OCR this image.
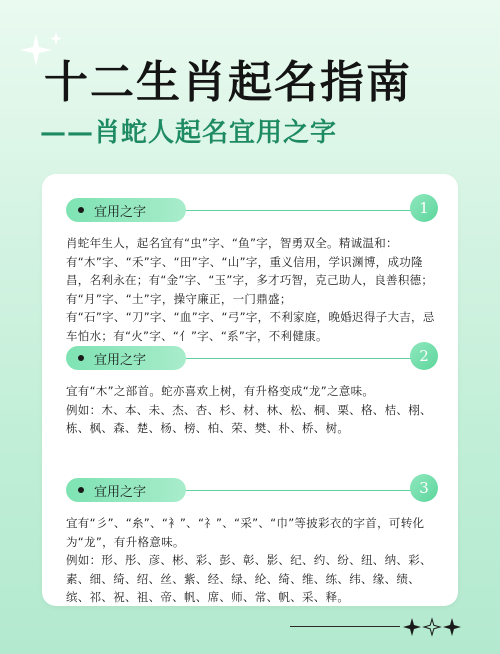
十二生肖起名指南
——肖蛇人起名宜用之字
宜用之字	1

肖蛇年生人，起名宜有“虫”字、“鱼”字，智勇双全。精诚温和：有“木”字、“禾”字、“田”字、“山”字，重义信用，学识渊博，成功隆昌，名利永在；有“金”字、“玉”字，多才巧智，克己助人，良善积德；有“月”字、“土”字，操守廉正，一门鼎盛；有“石”字、“刀”字、“血”字、“弓”字，不利家庭，晚婚迟得子大吉，忌车怕水；有“火”字、“亻”字、“系”字，不利健康。

宜用之字	2

宜有“木”之部首。蛇亦喜欢上树，有升格变成“龙”之意味。

例如：木、本、未、杰、杏、杉、材、林、松、桐、栗、格、桔、栩、栋、枫、森、楚、杨、榜、柏、荣、樊、朴、桥、树。

宜用之字	3

宜有“彡”、“糸”、“衤”、“礻”、“采”、“巾”等披彩衣的字首，可转化为“龙”，有升格意味。

例如：形、彤、彦、彬、彩、彭、彰、影、纪、约、纷、纽、纳、彩、素、细、绮、绍、丝、紫、经、绿、纶、绮、维、练、纬、缘、绩、缤、祁、祝、祖、帝、帆、席、师、常、帆、采、释。
